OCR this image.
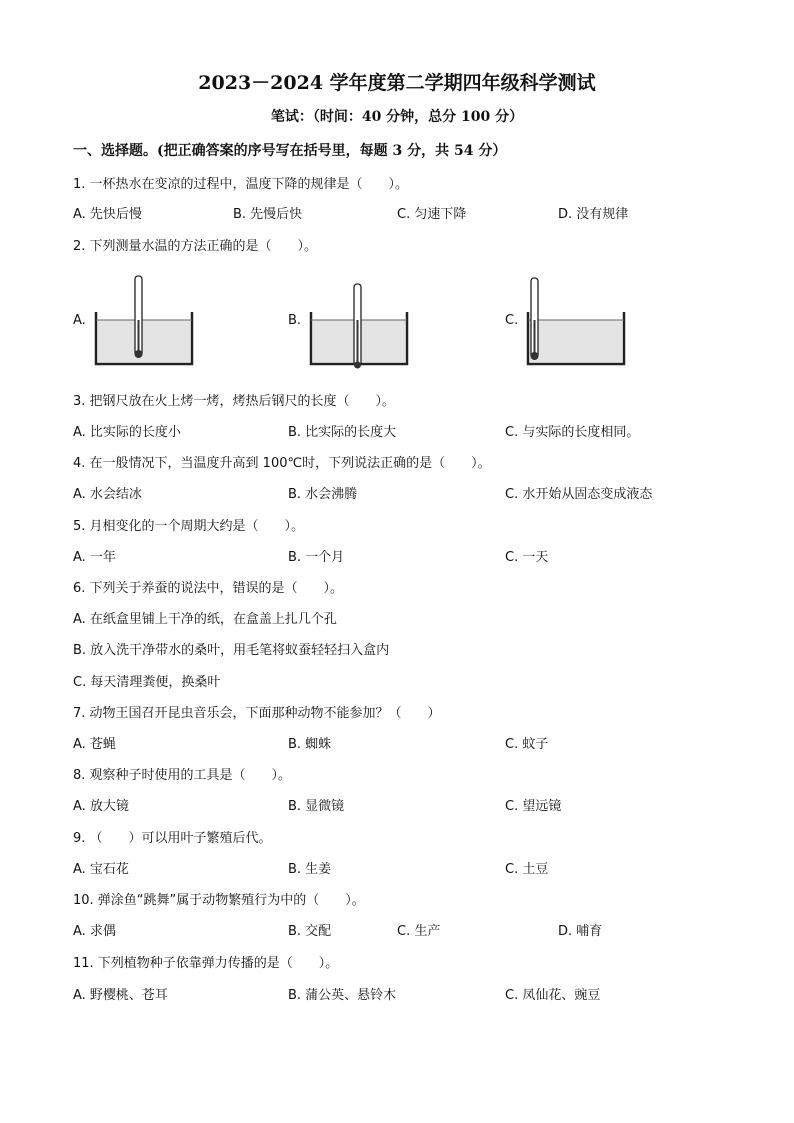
2023－2024 学年度第二学期四年级科学测试
笔试：（时间：40 分钟，总分 100 分）
一、选择题。(把正确答案的序号写在括号里，每题 3 分，共 54 分）
1. 一杯热水在变凉的过程中，温度下降的规律是（　　）。
A. 先快后慢	B. 先慢后快	C. 匀速下降	D. 没有规律
2. 下列测量水温的方法正确的是（　　）。
A.	B.	C.
3. 把钢尺放在火上烤一烤，烤热后钢尺的长度（　　）。
A. 比实际的长度小	B. 比实际的长度大	C. 与实际的长度相同。
4. 在一般情况下，当温度升高到 100℃时，下列说法正确的是（　　）。
A. 水会结冰	B. 水会沸腾	C. 水开始从固态变成液态
5. 月相变化的一个周期大约是（　　）。
A. 一年	B. 一个月	C. 一天
6. 下列关于养蚕的说法中，错误的是（　　）。
A. 在纸盒里铺上干净的纸，在盒盖上扎几个孔
B. 放入洗干净带水的桑叶，用毛笔将蚁蚕轻轻扫入盒内
C. 每天清理粪便，换桑叶
7. 动物王国召开昆虫音乐会，下面那种动物不能参加？（　　）
A. 苍蝇	B. 蜘蛛	C. 蚊子
8. 观察种子时使用的工具是（　　）。
A. 放大镜	B. 显微镜	C. 望远镜
9. （　　）可以用叶子繁殖后代。
A. 宝石花	B. 生姜	C. 土豆
10. 弹涂鱼“跳舞”属于动物繁殖行为中的（　　）。
A. 求偶	B. 交配	C. 生产	D. 哺育
11. 下列植物种子依靠弹力传播的是（　　）。
A. 野樱桃、苍耳	B. 蒲公英、悬铃木	C. 凤仙花、豌豆
